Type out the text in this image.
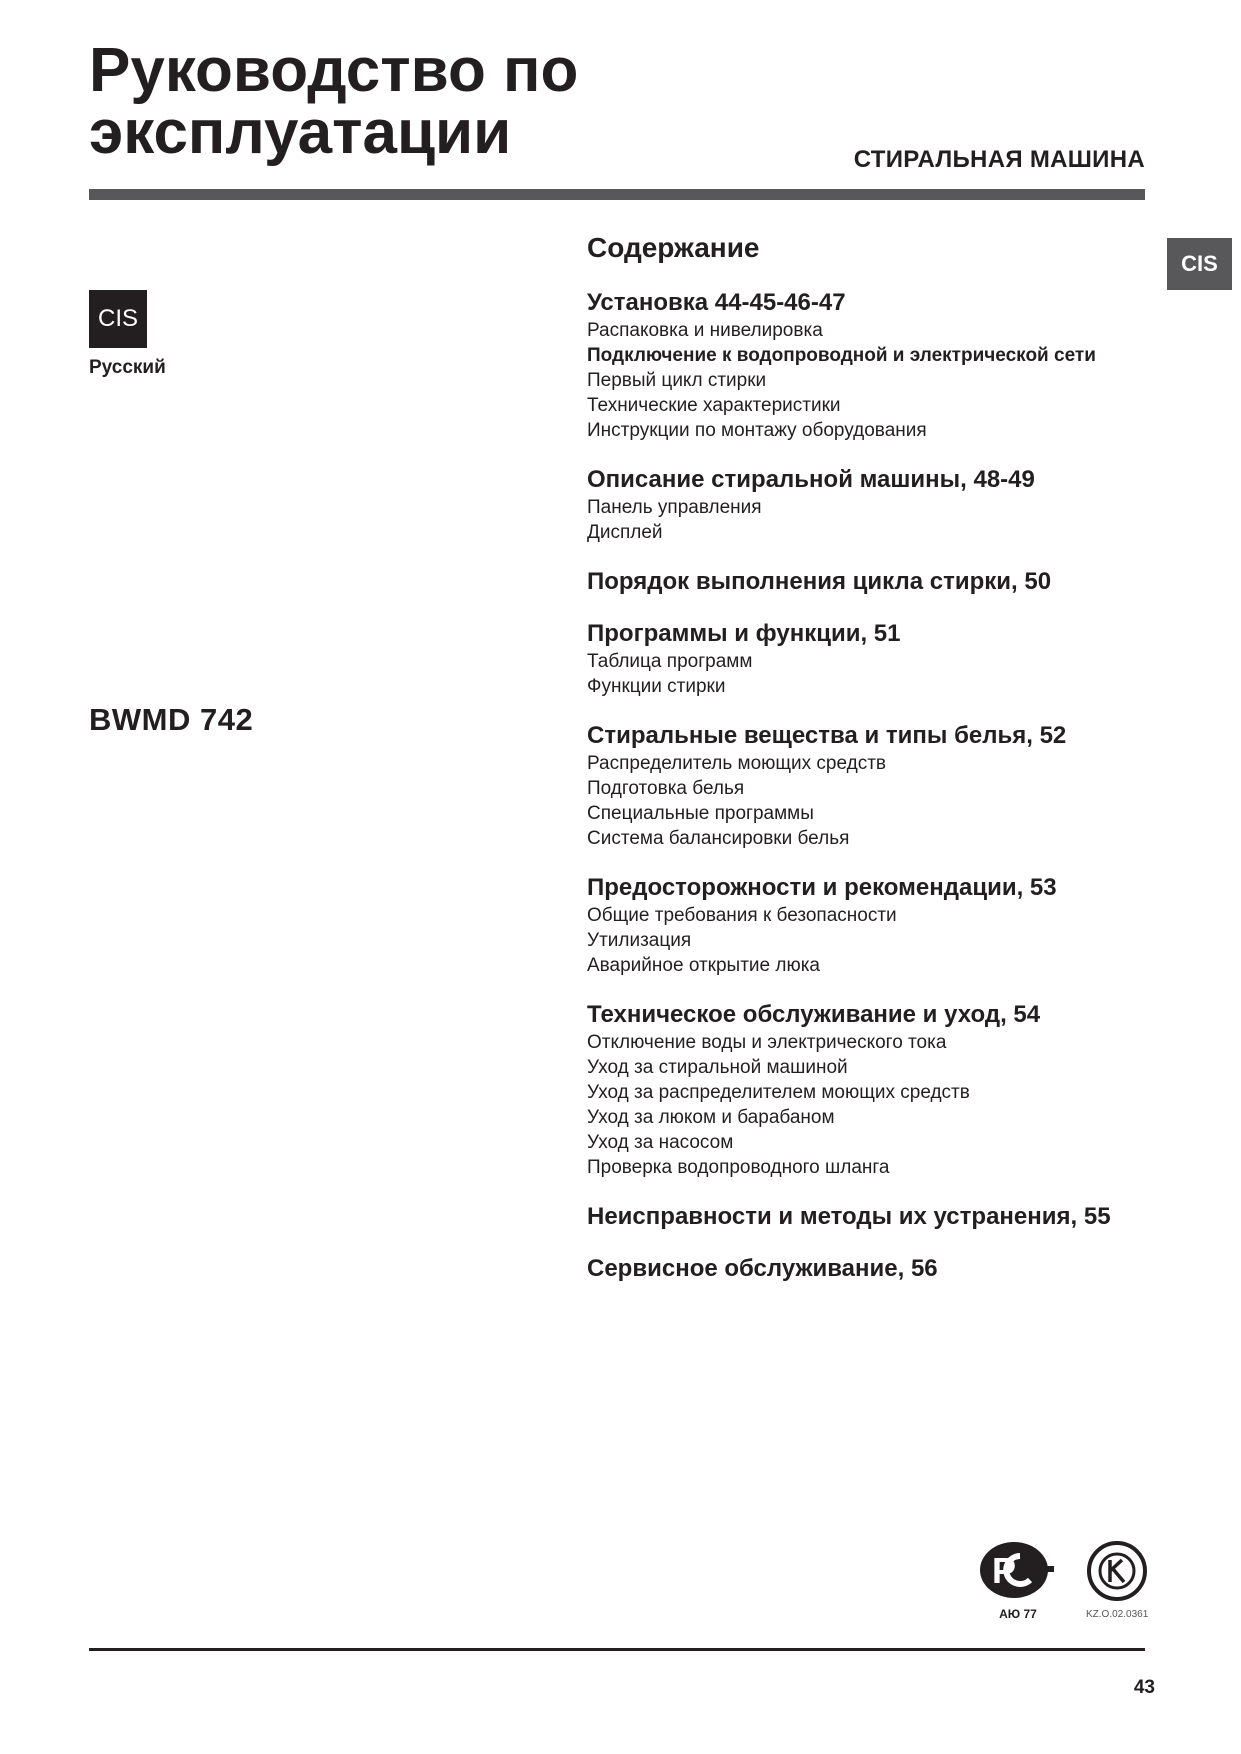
Руководство по
эксплуатации	СТИРАЛЬНАЯ МАШИНА
CIS
CIS
Русский
BWMD 742
Содержание
Установка 44-45-46-47
Распаковка и нивелировка
Подключение к водопроводной и электрической сети
Первый цикл стирки
Технические характеристики
Инструкции по монтажу оборудования
Описание стиральной машины, 48-49
Панель управления
Дисплей
Порядок выполнения цикла стирки, 50
Программы и функции, 51
Таблица программ
Функции стирки
Стиральные вещества и типы белья, 52
Распределитель моющих средств
Подготовка белья
Специальные программы
Система балансировки белья
Предосторожности и рекомендации, 53
Общие требования к безопасности
Утилизация
Аварийное открытие люка
Техническое обслуживание и уход, 54
Отключение воды и электрического тока
Уход за стиральной машиной
Уход за распределителем моющих средств
Уход за люком и барабаном
Уход за насосом
Проверка водопроводного шланга
Неисправности и методы их устранения, 55
Сервисное обслуживание, 56
Р
АЮ 77	KZ.O.02.0361
43
